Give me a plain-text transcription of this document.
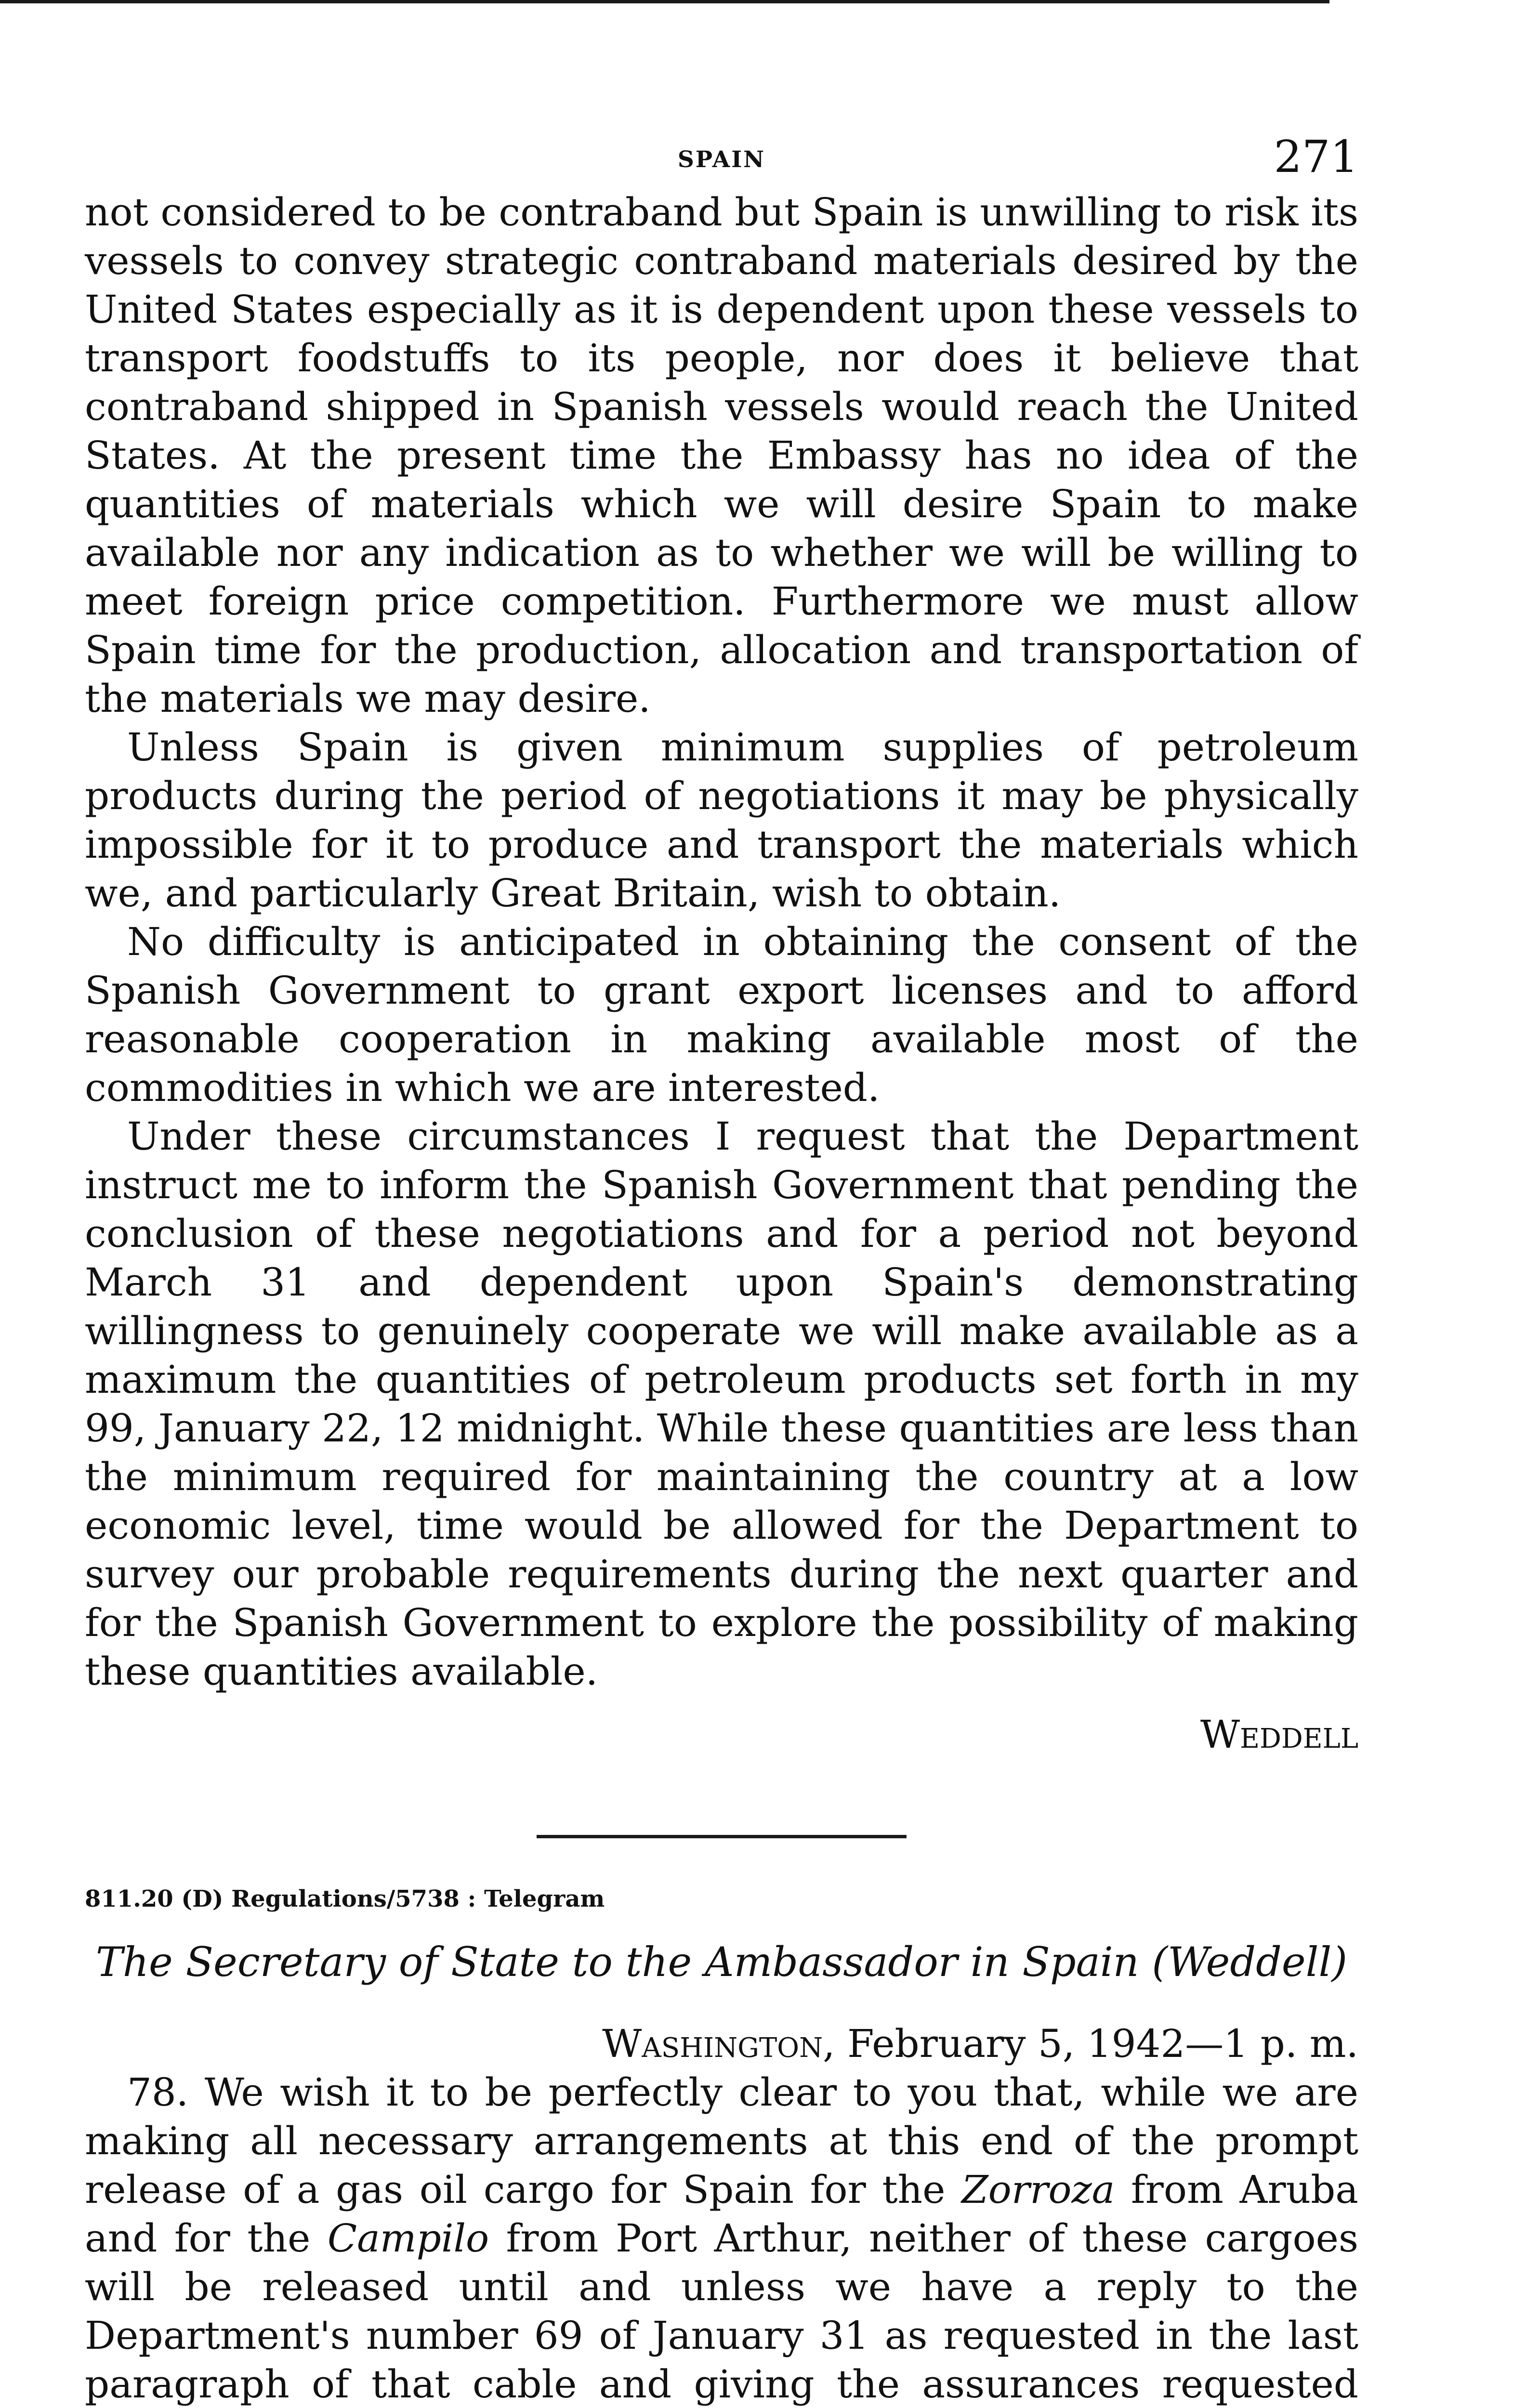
SPAIN	271

not considered to be contraband but Spain is unwilling to risk its vessels to convey strategic contraband materials desired by the United States especially as it is dependent upon these vessels to transport foodstuffs to its people, nor does it believe that contraband shipped in Spanish vessels would reach the United States. At the present time the Embassy has no idea of the quantities of materials which we will desire Spain to make available nor any indication as to whether we will be willing to meet foreign price competition. Furthermore we must allow Spain time for the production, allocation and transportation of the materials we may desire.

Unless Spain is given minimum supplies of petroleum products during the period of negotiations it may be physically impossible for it to produce and transport the materials which we, and particularly Great Britain, wish to obtain.

No difficulty is anticipated in obtaining the consent of the Spanish Government to grant export licenses and to afford reasonable cooperation in making available most of the commodities in which we are interested.

Under these circumstances I request that the Department instruct me to inform the Spanish Government that pending the conclusion of these negotiations and for a period not beyond March 31 and dependent upon Spain's demonstrating willingness to genuinely cooperate we will make available as a maximum the quantities of petroleum products set forth in my 99, January 22, 12 midnight. While these quantities are less than the minimum required for maintaining the country at a low economic level, time would be allowed for the Department to survey our probable requirements during the next quarter and for the Spanish Government to explore the possibility of making these quantities available.

Weddell

811.20 (D) Regulations/5738 : Telegram

The Secretary of State to the Ambassador in Spain (Weddell)

Washington, February 5, 1942—1 p. m.

78. We wish it to be perfectly clear to you that, while we are making all necessary arrangements at this end of the prompt release of a gas oil cargo for Spain for the Zorroza from Aruba and for the Campilo from Port Arthur, neither of these cargoes will be released until and unless we have a reply to the Department's number 69 of January 31 as requested in the last paragraph of that cable and giving the assurances requested
